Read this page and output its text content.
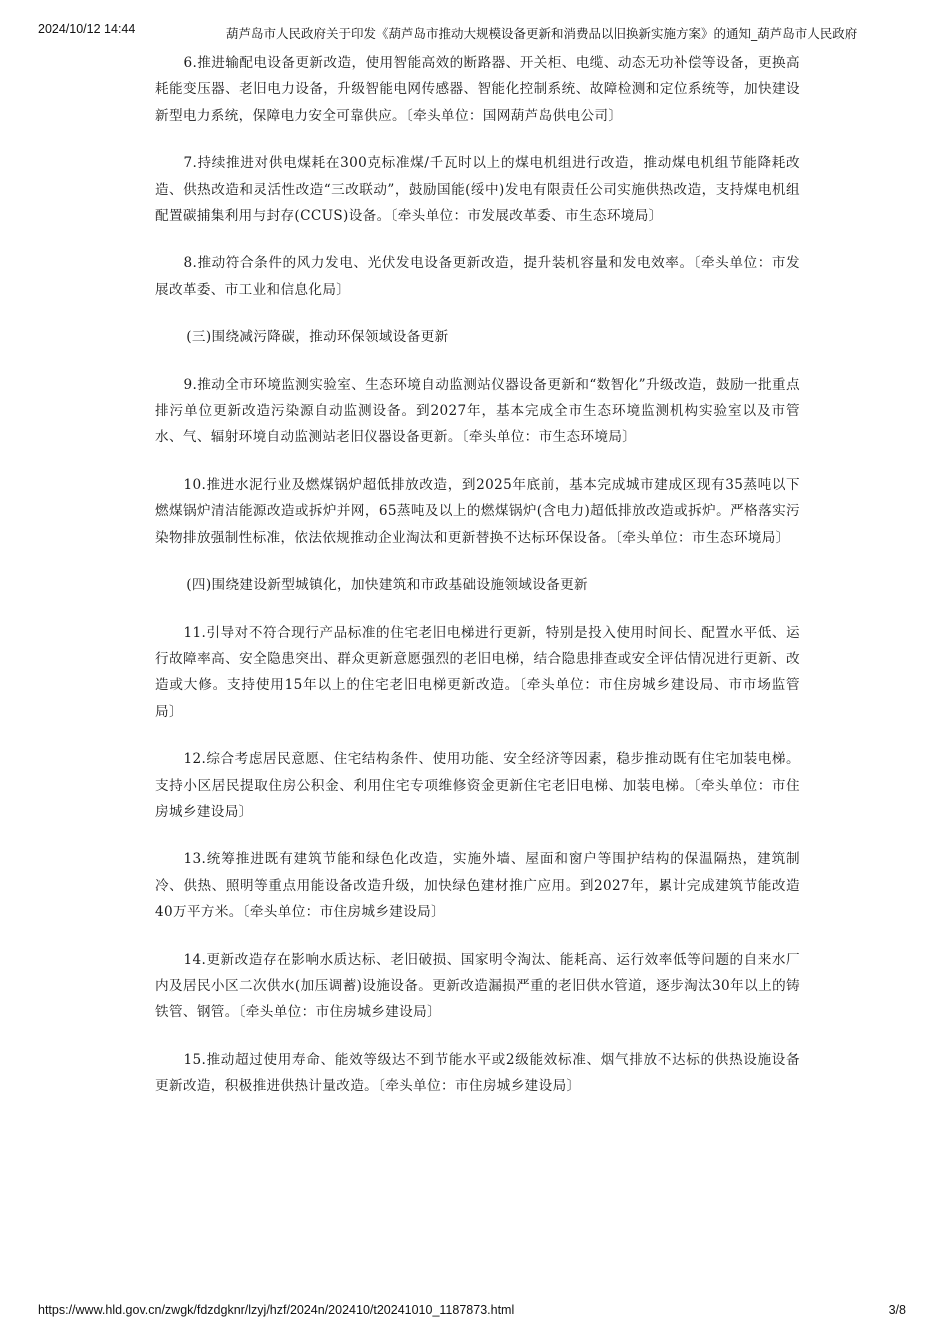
2024/10/12 14:44	葫芦岛市人民政府关于印发《葫芦岛市推动大规模设备更新和消费品以旧换新实施方案》的通知_葫芦岛市人民政府

6.推进输配电设备更新改造，使用智能高效的断路器、开关柜、电缆、动态无功补偿等设备，更换高耗能变压器、老旧电力设备，升级智能电网传感器、智能化控制系统、故障检测和定位系统等，加快建设新型电力系统，保障电力安全可靠供应。〔牵头单位：国网葫芦岛供电公司〕

7.持续推进对供电煤耗在300克标准煤/千瓦时以上的煤电机组进行改造，推动煤电机组节能降耗改造、供热改造和灵活性改造“三改联动”，鼓励国能(绥中)发电有限责任公司实施供热改造，支持煤电机组配置碳捕集利用与封存(CCUS)设备。〔牵头单位：市发展改革委、市生态环境局〕

8.推动符合条件的风力发电、光伏发电设备更新改造，提升装机容量和发电效率。〔牵头单位：市发展改革委、市工业和信息化局〕

(三)围绕减污降碳，推动环保领域设备更新

9.推动全市环境监测实验室、生态环境自动监测站仪器设备更新和“数智化”升级改造，鼓励一批重点排污单位更新改造污染源自动监测设备。到2027年，基本完成全市生态环境监测机构实验室以及市管水、气、辐射环境自动监测站老旧仪器设备更新。〔牵头单位：市生态环境局〕

10.推进水泥行业及燃煤锅炉超低排放改造，到2025年底前，基本完成城市建成区现有35蒸吨以下燃煤锅炉清洁能源改造或拆炉并网，65蒸吨及以上的燃煤锅炉(含电力)超低排放改造或拆炉。严格落实污染物排放强制性标准，依法依规推动企业淘汰和更新替换不达标环保设备。〔牵头单位：市生态环境局〕

(四)围绕建设新型城镇化，加快建筑和市政基础设施领域设备更新

11.引导对不符合现行产品标准的住宅老旧电梯进行更新，特别是投入使用时间长、配置水平低、运行故障率高、安全隐患突出、群众更新意愿强烈的老旧电梯，结合隐患排查或安全评估情况进行更新、改造或大修。支持使用15年以上的住宅老旧电梯更新改造。〔牵头单位：市住房城乡建设局、市市场监管局〕

12.综合考虑居民意愿、住宅结构条件、使用功能、安全经济等因素，稳步推动既有住宅加装电梯。支持小区居民提取住房公积金、利用住宅专项维修资金更新住宅老旧电梯、加装电梯。〔牵头单位：市住房城乡建设局〕

13.统筹推进既有建筑节能和绿色化改造，实施外墙、屋面和窗户等围护结构的保温隔热，建筑制冷、供热、照明等重点用能设备改造升级，加快绿色建材推广应用。到2027年，累计完成建筑节能改造40万平方米。〔牵头单位：市住房城乡建设局〕

14.更新改造存在影响水质达标、老旧破损、国家明令淘汰、能耗高、运行效率低等问题的自来水厂内及居民小区二次供水(加压调蓄)设施设备。更新改造漏损严重的老旧供水管道，逐步淘汰30年以上的铸铁管、钢管。〔牵头单位：市住房城乡建设局〕

15.推动超过使用寿命、能效等级达不到节能水平或2级能效标准、烟气排放不达标的供热设施设备更新改造，积极推进供热计量改造。〔牵头单位：市住房城乡建设局〕

https://www.hld.gov.cn/zwgk/fdzdgknr/lzyj/hzf/2024n/202410/t20241010_1187873.html	3/8
